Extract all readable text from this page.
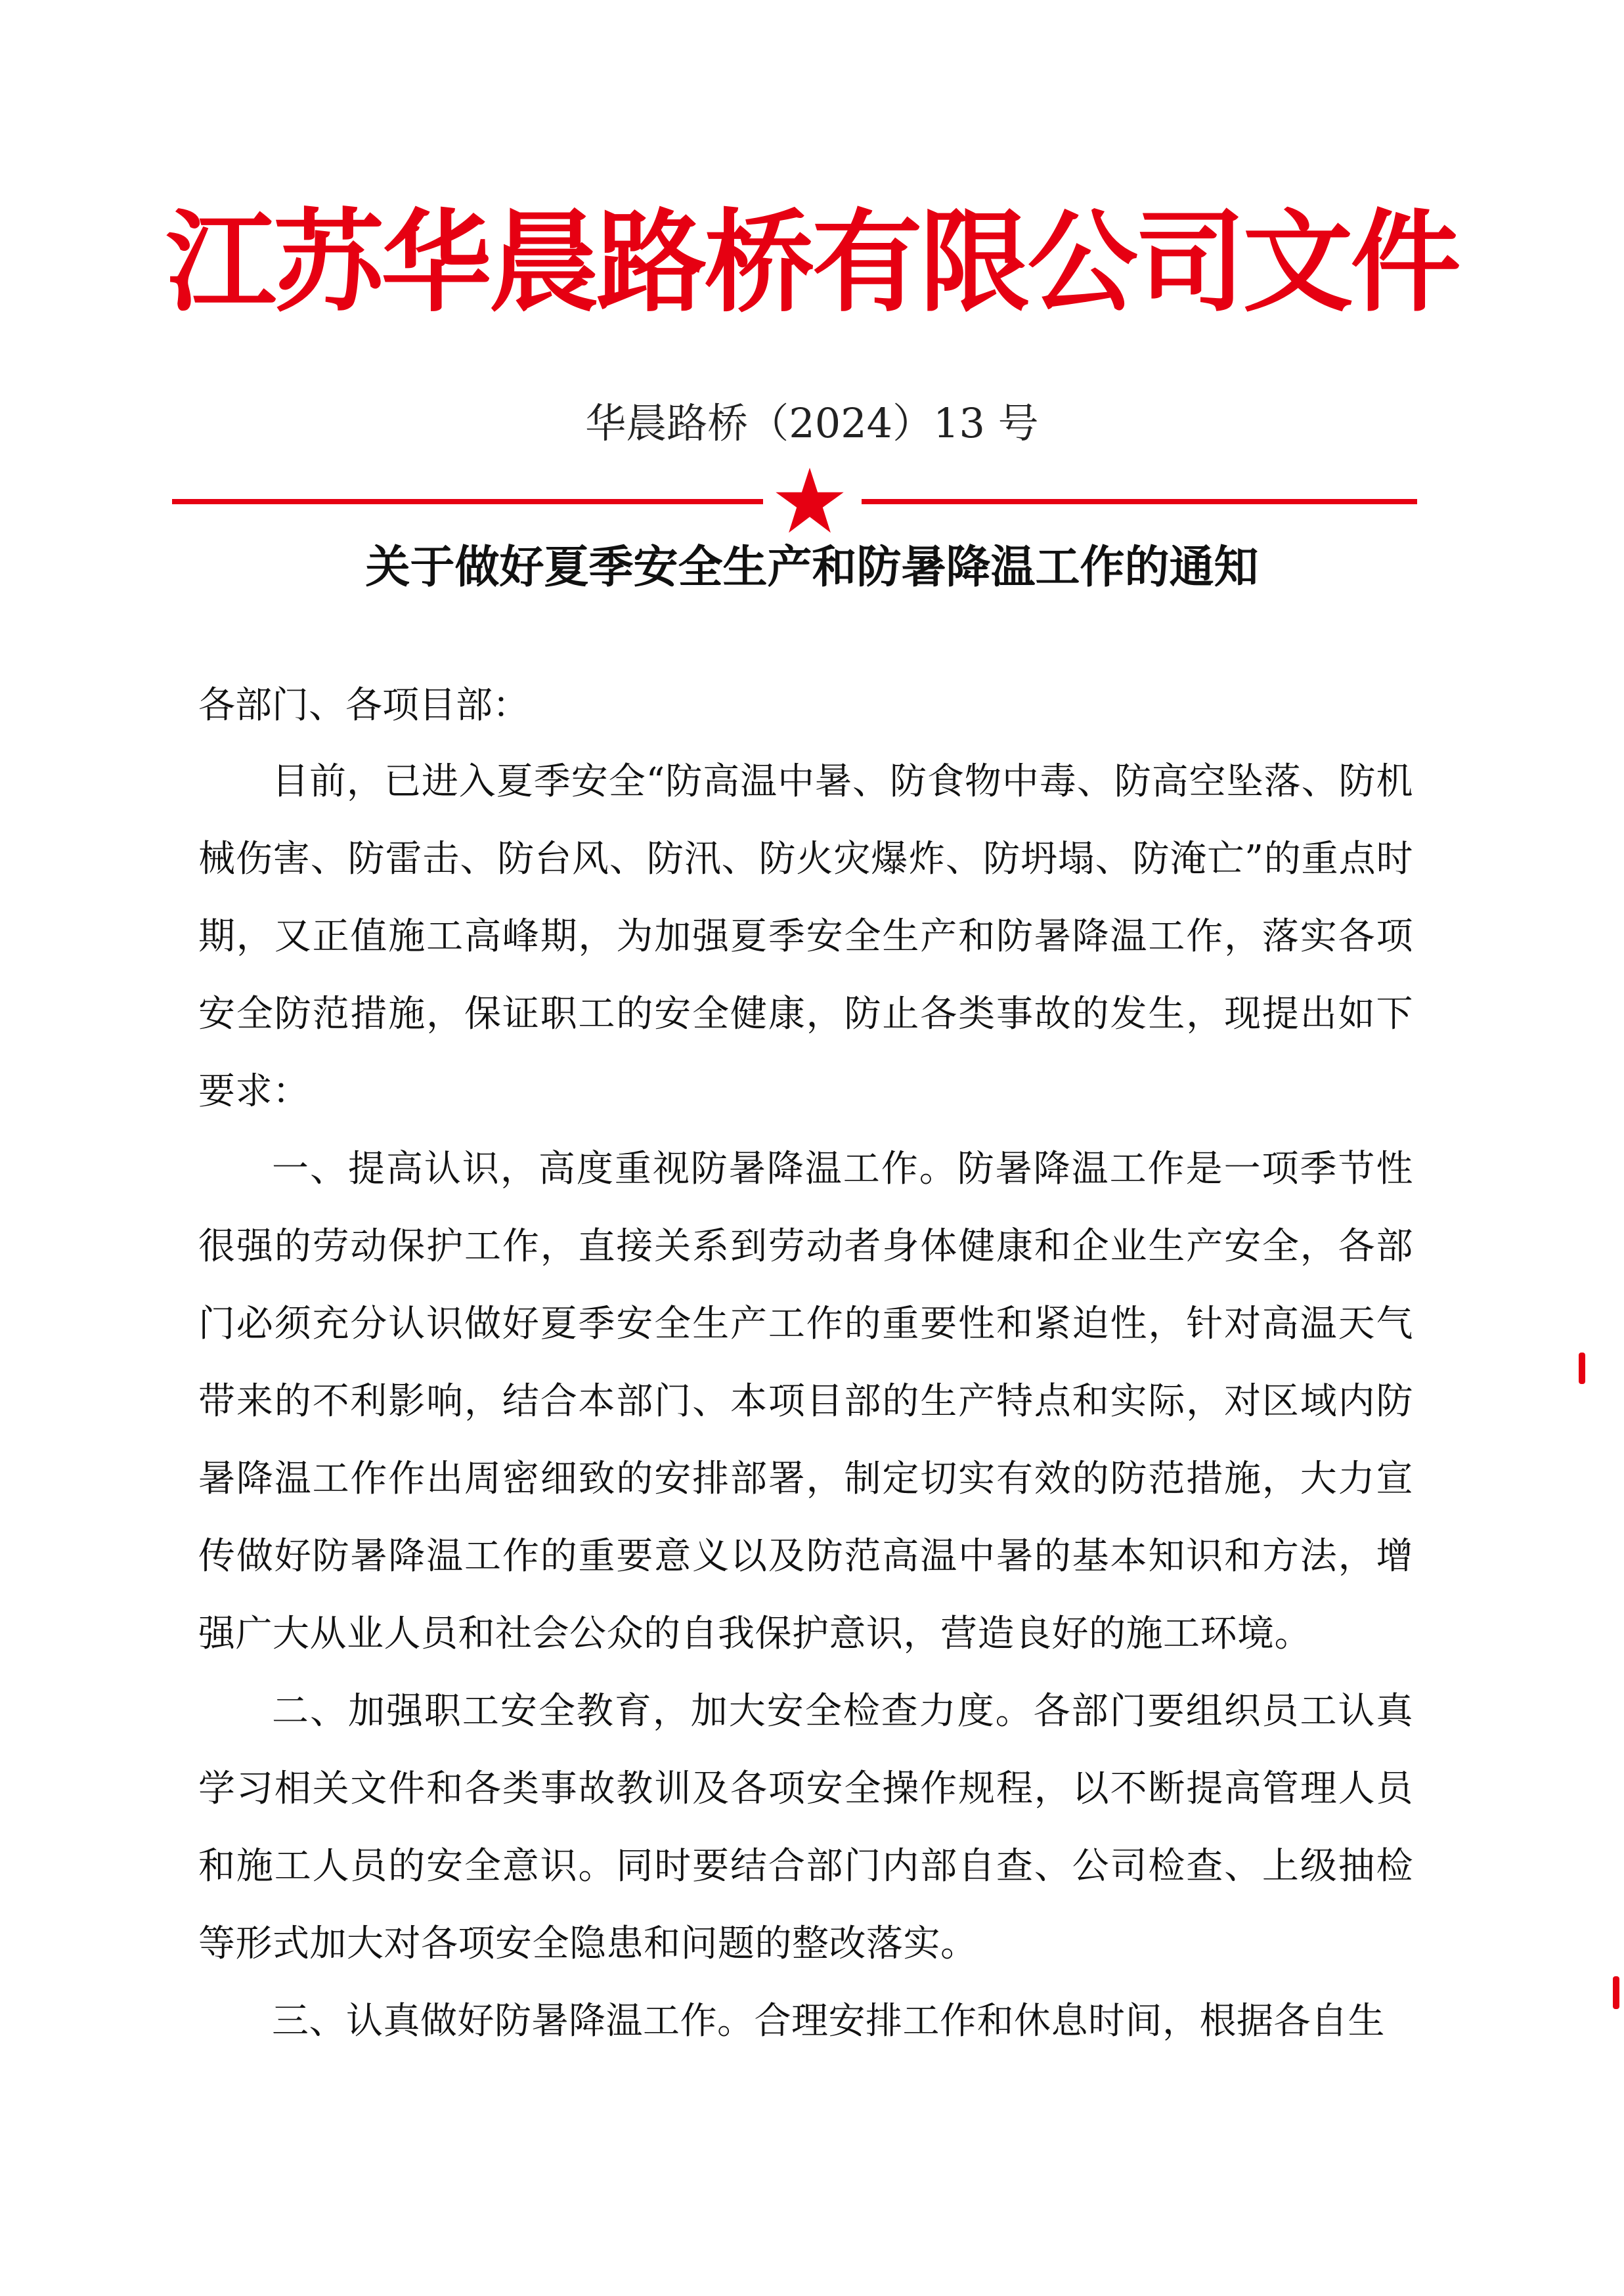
江苏华晨路桥有限公司文件
华晨路桥（2024）13 号
关于做好夏季安全生产和防暑降温工作的通知

各部门、各项目部：

目前，已进入夏季安全“防高温中暑、防食物中毒、防高空坠落、防机械伤害、防雷击、防台风、防汛、防火灾爆炸、防坍塌、防淹亡”的重点时期，又正值施工高峰期，为加强夏季安全生产和防暑降温工作，落实各项安全防范措施，保证职工的安全健康，防止各类事故的发生，现提出如下要求：

一、提高认识，高度重视防暑降温工作。防暑降温工作是一项季节性很强的劳动保护工作，直接关系到劳动者身体健康和企业生产安全，各部门必须充分认识做好夏季安全生产工作的重要性和紧迫性，针对高温天气带来的不利影响，结合本部门、本项目部的生产特点和实际，对区域内防暑降温工作作出周密细致的安排部署，制定切实有效的防范措施，大力宣传做好防暑降温工作的重要意义以及防范高温中暑的基本知识和方法，增强广大从业人员和社会公众的自我保护意识，营造良好的施工环境。

二、加强职工安全教育，加大安全检查力度。各部门要组织员工认真学习相关文件和各类事故教训及各项安全操作规程，以不断提高管理人员和施工人员的安全意识。同时要结合部门内部自查、公司检查、上级抽检等形式加大对各项安全隐患和问题的整改落实。

三、认真做好防暑降温工作。合理安排工作和休息时间，根据各自生
